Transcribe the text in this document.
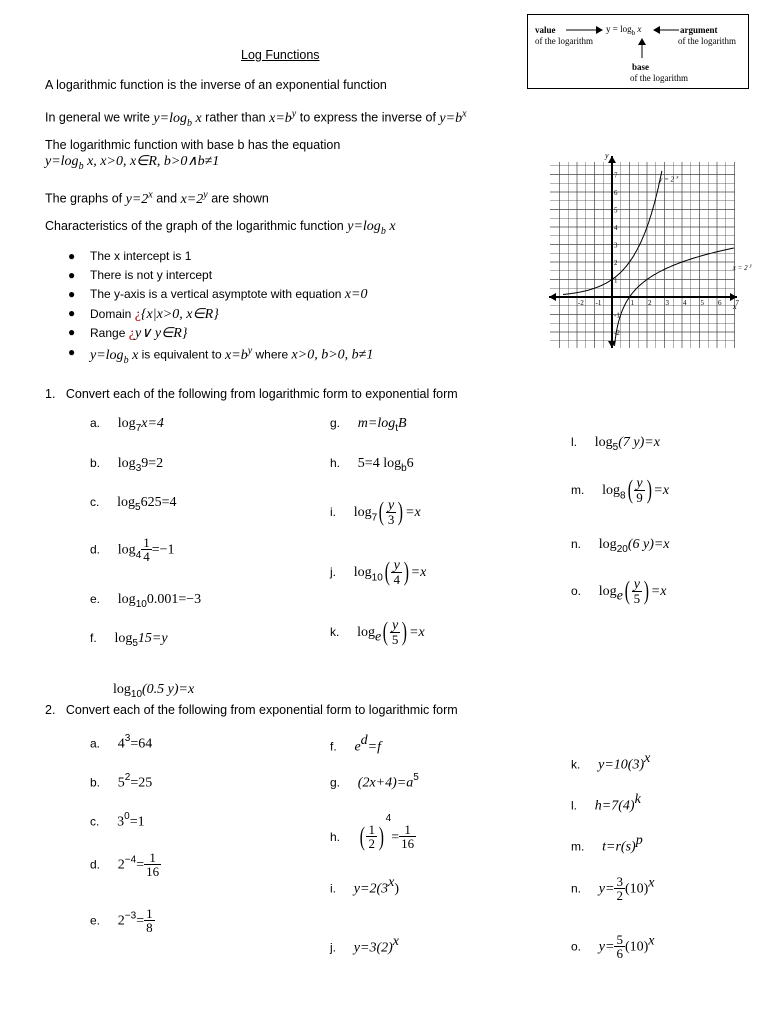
Log Functions
value
of the logarithm
$y = \log_b x$	argument
of the logarithm
base
of the logarithm
A logarithmic function is the inverse of an exponential function
In general we write $y=\log_b$ x rather than $x=b^y$ to express the inverse of $y=b^x$
The logarithmic function with base b has the equation
$y=\log_b$ x, x>0, x∈R, b>0∧b≠1
The graphs of $y=2^x$ and $x=2^y$ are shown
Characteristics of the graph of the logarithmic function $y=\log_b$ x
● The x intercept is 1
● There is not y intercept
● The y-axis is a vertical asymptote with equation x=0
● Domain ¿{x|x>0, x∈R}
● Range ¿y∨ y∈R}
● $y=\log_b$ x is equivalent to $x=b^y$ where x>0, b>0, b≠1
-2 -1	1 2 3 4 5 6 7
7
6
5
4
3
2
1
-1
-2
x
y
y = 2 x
x = 2 y
1. Convert each of the following from logarithmic form to exponential form
a. $\log_7x=4$
b. $\log_39=2$
c. $\log_5625=4$
d. $\log_4 \frac{1}{4} =-1$
e. $\log_{10}0.001=-3$
f. $\log_515=y$
g. $m=\log_tB$
h. 5=4 $\log_b6$
i. $\log_7( \frac{y}{3}$ ) =x
j. $\log_{10}( \frac{y}{4}$ ) =x
k. $\log_e( \frac{y}{5}$ ) =x
l. $\log_5(7$ y)=x
m. $\log_8( \frac{y}{9}$ ) =x
n. $\log_{20}(6$ y)=x
o. $\log_e( \frac{y}{5}$ ) =x
$\log_{10}(0.5$ y)=x
2. Convert each of the following from exponential form to logarithmic form
a. $4^3=64$
b. $5^2=25$
c. $3^0=1$
d. $2^{-4}= \frac{1}{16}$
e. $2^{-3}= \frac{1}{8}$
f. $e^d=f$
g. $(2x+4)=a^5$
h. ( $\frac{1}{2} )^4= \frac{1}{16}$
i. $y=2(3^x)$
j. $y=3(2)^x$
k. $y=10(3)^x$
l. $h=7(4)^k$
m. $t=r(s)^p$
n. $y= \frac{3}{2} (10)^x$
o. $y= \frac{5}{6} (10)^x$
